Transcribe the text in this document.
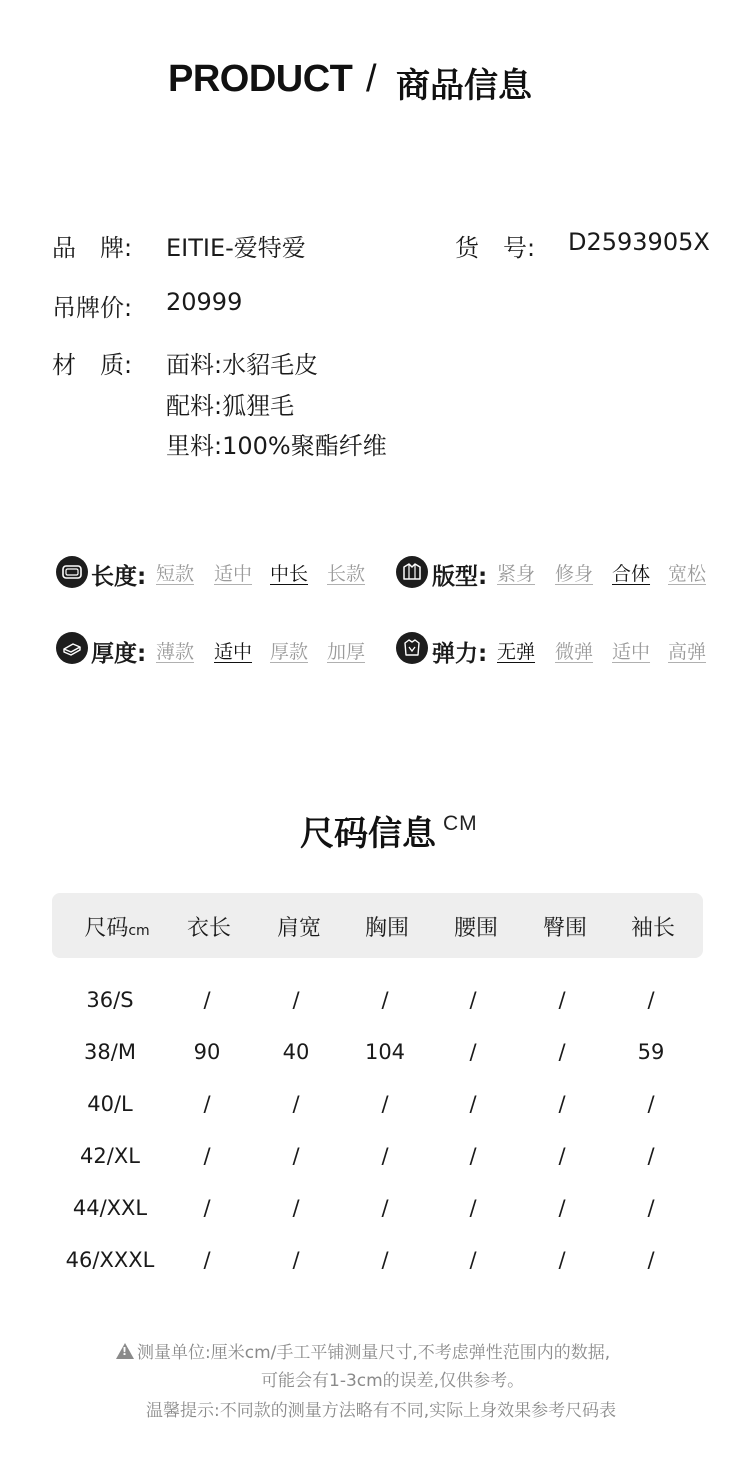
PRODUCT / 商品信息
品　牌: EITIE-爱特爱	货　号: D2593905X
吊牌价: 20999
材　质: 面料:水貂毛皮
配料:狐狸毛
里料:100%聚酯纤维
长度: 短款 适中 中长 长款	版型: 紧身 修身 合体 宽松
厚度: 薄款 适中 厚款 加厚	弹力: 无弹 微弹 适中 高弹
尺码信息 CM
尺码cm 衣长 肩宽 胸围 腰围 臀围 袖长
36/S	/	/	/	/	/	/
38/M	90	40	104	/	/	59
40/L	/	/	/	/	/	/
42/XL	/	/	/	/	/	/
44/XXL	/	/	/	/	/	/
46/XXXL /	/	/	/	/	/
!测量单位:厘米cm/手工平铺测量尺寸,不考虑弹性范围内的数据,
可能会有1-3cm的误差,仅供参考。
温馨提示:不同款的测量方法略有不同,实际上身效果参考尺码表
